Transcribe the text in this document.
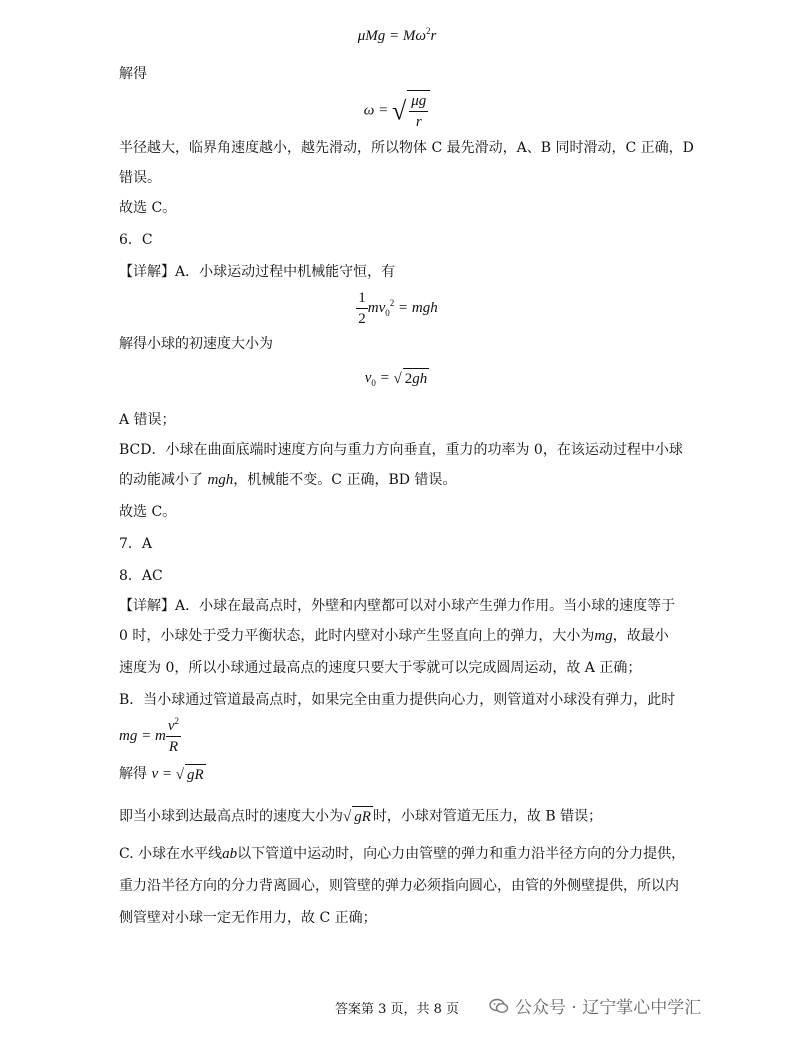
$\mu Mg = M\omega^2r$
解得
ω = √ $\frac{\mu g}{r}$
半径越大，临界角速度越小，越先滑动，所以物体 C 最先滑动，A、B 同时滑动，C 正确，D
错误。
故选 C。
6．C
【详解】A．小球运动过程中机械能守恒，有
$\frac{1}{2} mv_0^2$ = mgh
解得小球的初速度大小为
$v_0$ = √ 2gh
A 错误；
BCD．小球在曲面底端时速度方向与重力方向垂直，重力的功率为 0，在该运动过程中小球
的动能减小了 mgh，机械能不变。C 正确，BD 错误。
故选 C。
7．A
8．AC
【详解】A．小球在最高点时，外壁和内壁都可以对小球产生弹力作用。当小球的速度等于
0 时，小球处于受力平衡状态，此时内壁对小球产生竖直向上的弹力，大小为mg，故最小
速度为 0，所以小球通过最高点的速度只要大于零就可以完成圆周运动，故 A 正确；
B．当小球通过管道最高点时，如果完全由重力提供向心力，则管道对小球没有弹力，此时
mg = m $\frac{v^2}{R}$
解得 v = √ gR
即当小球到达最高点时的速度大小为√ gR 时，小球对管道无压力，故 B 错误；
C. 小球在水平线ab以下管道中运动时，向心力由管壁的弹力和重力沿半径方向的分力提供，
重力沿半径方向的分力背离圆心，则管壁的弹力必须指向圆心，由管的外侧壁提供，所以内
侧管壁对小球一定无作用力，故 C 正确；
答案第 3 页，共 8 页	公众号 · 辽宁掌心中学汇
